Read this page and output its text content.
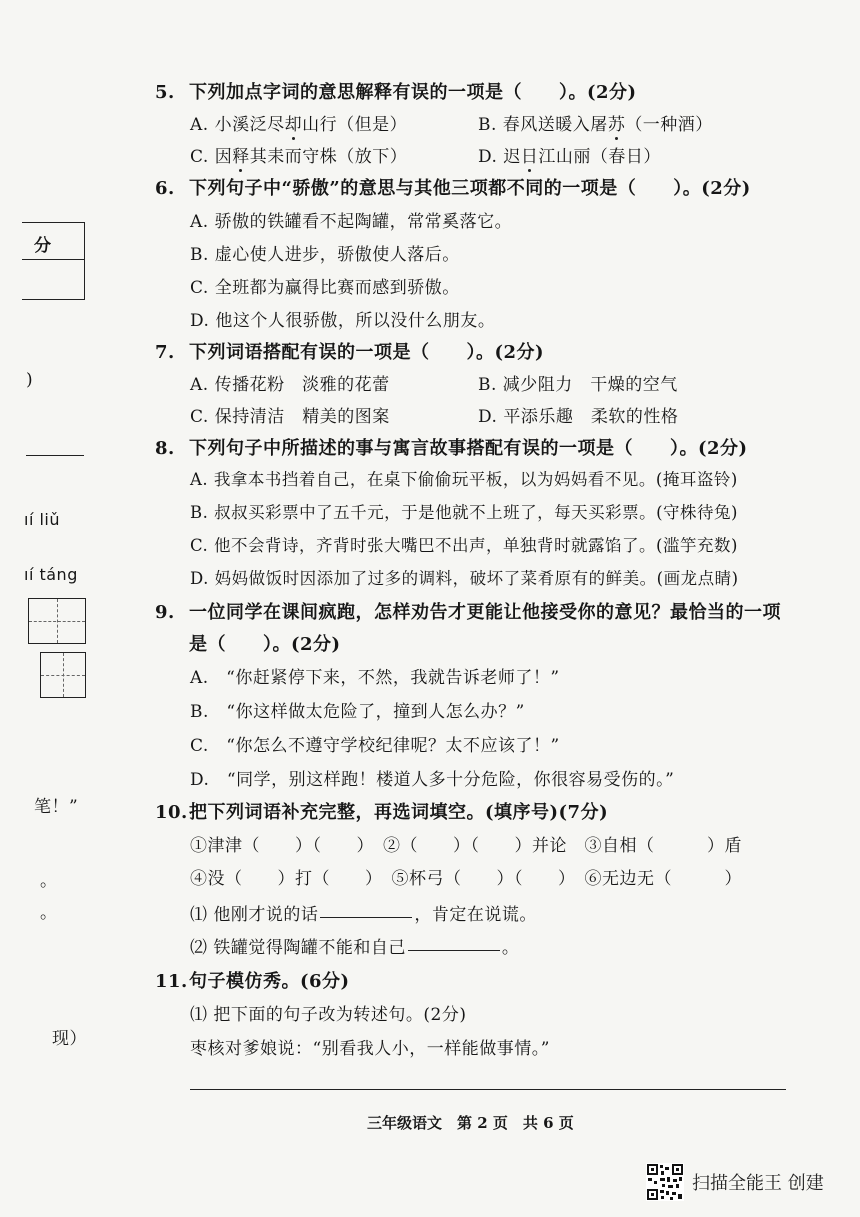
分
)
ıí liǔ
ıí táng
笔！”
。
。
现）
5. 下列加点字词的意思解释有误的一项是（　　）。(2分)
A. 小溪泛尽却山行（但是）	B. 春风送暖入屠苏（一种酒）
C. 因释其耒而守株（放下）	D. 迟日江山丽（春日）
6. 下列句子中“骄傲”的意思与其他三项都不同的一项是（　　）。(2分)
A. 骄傲的铁罐看不起陶罐，常常奚落它。
B. 虚心使人进步，骄傲使人落后。
C. 全班都为赢得比赛而感到骄傲。
D. 他这个人很骄傲，所以没什么朋友。
7. 下列词语搭配有误的一项是（　　）。(2分)
A. 传播花粉　淡雅的花蕾	B. 减少阻力　干燥的空气
C. 保持清洁　精美的图案	D. 平添乐趣　柔软的性格
8. 下列句子中所描述的事与寓言故事搭配有误的一项是（　　）。(2分)
A. 我拿本书挡着自己，在桌下偷偷玩平板，以为妈妈看不见。(掩耳盗铃)
B. 叔叔买彩票中了五千元，于是他就不上班了，每天买彩票。(守株待兔)
C. 他不会背诗，齐背时张大嘴巴不出声，单独背时就露馅了。(滥竽充数)
D. 妈妈做饭时因添加了过多的调料，破坏了菜肴原有的鲜美。(画龙点睛)
9. 一位同学在课间疯跑，怎样劝告才更能让他接受你的意见？最恰当的一项
是（　　）。(2分)
A.　“你赶紧停下来，不然，我就告诉老师了！”
B.　“你这样做太危险了，撞到人怎么办？”
C.　“你怎么不遵守学校纪律呢？太不应该了！”
D.　“同学，别这样跑！楼道人多十分危险，你很容易受伤的。”
10.把下列词语补充完整，再选词填空。(填序号)(7分)
①津津（　　）（　　）　②（　　）（　　）并论　③自相（　　　）盾
④没（　　）打（　　）　⑤杯弓（　　）（　　）　⑥无边无（　　　）
⑴ 他刚才说的话	，肯定在说谎。
⑵ 铁罐觉得陶罐不能和自己	。
11.句子模仿秀。(6分)
⑴ 把下面的句子改为转述句。(2分)
枣核对爹娘说：“别看我人小，一样能做事情。”
三年级语文　第 2 页　共 6 页
扫描全能王 创建
